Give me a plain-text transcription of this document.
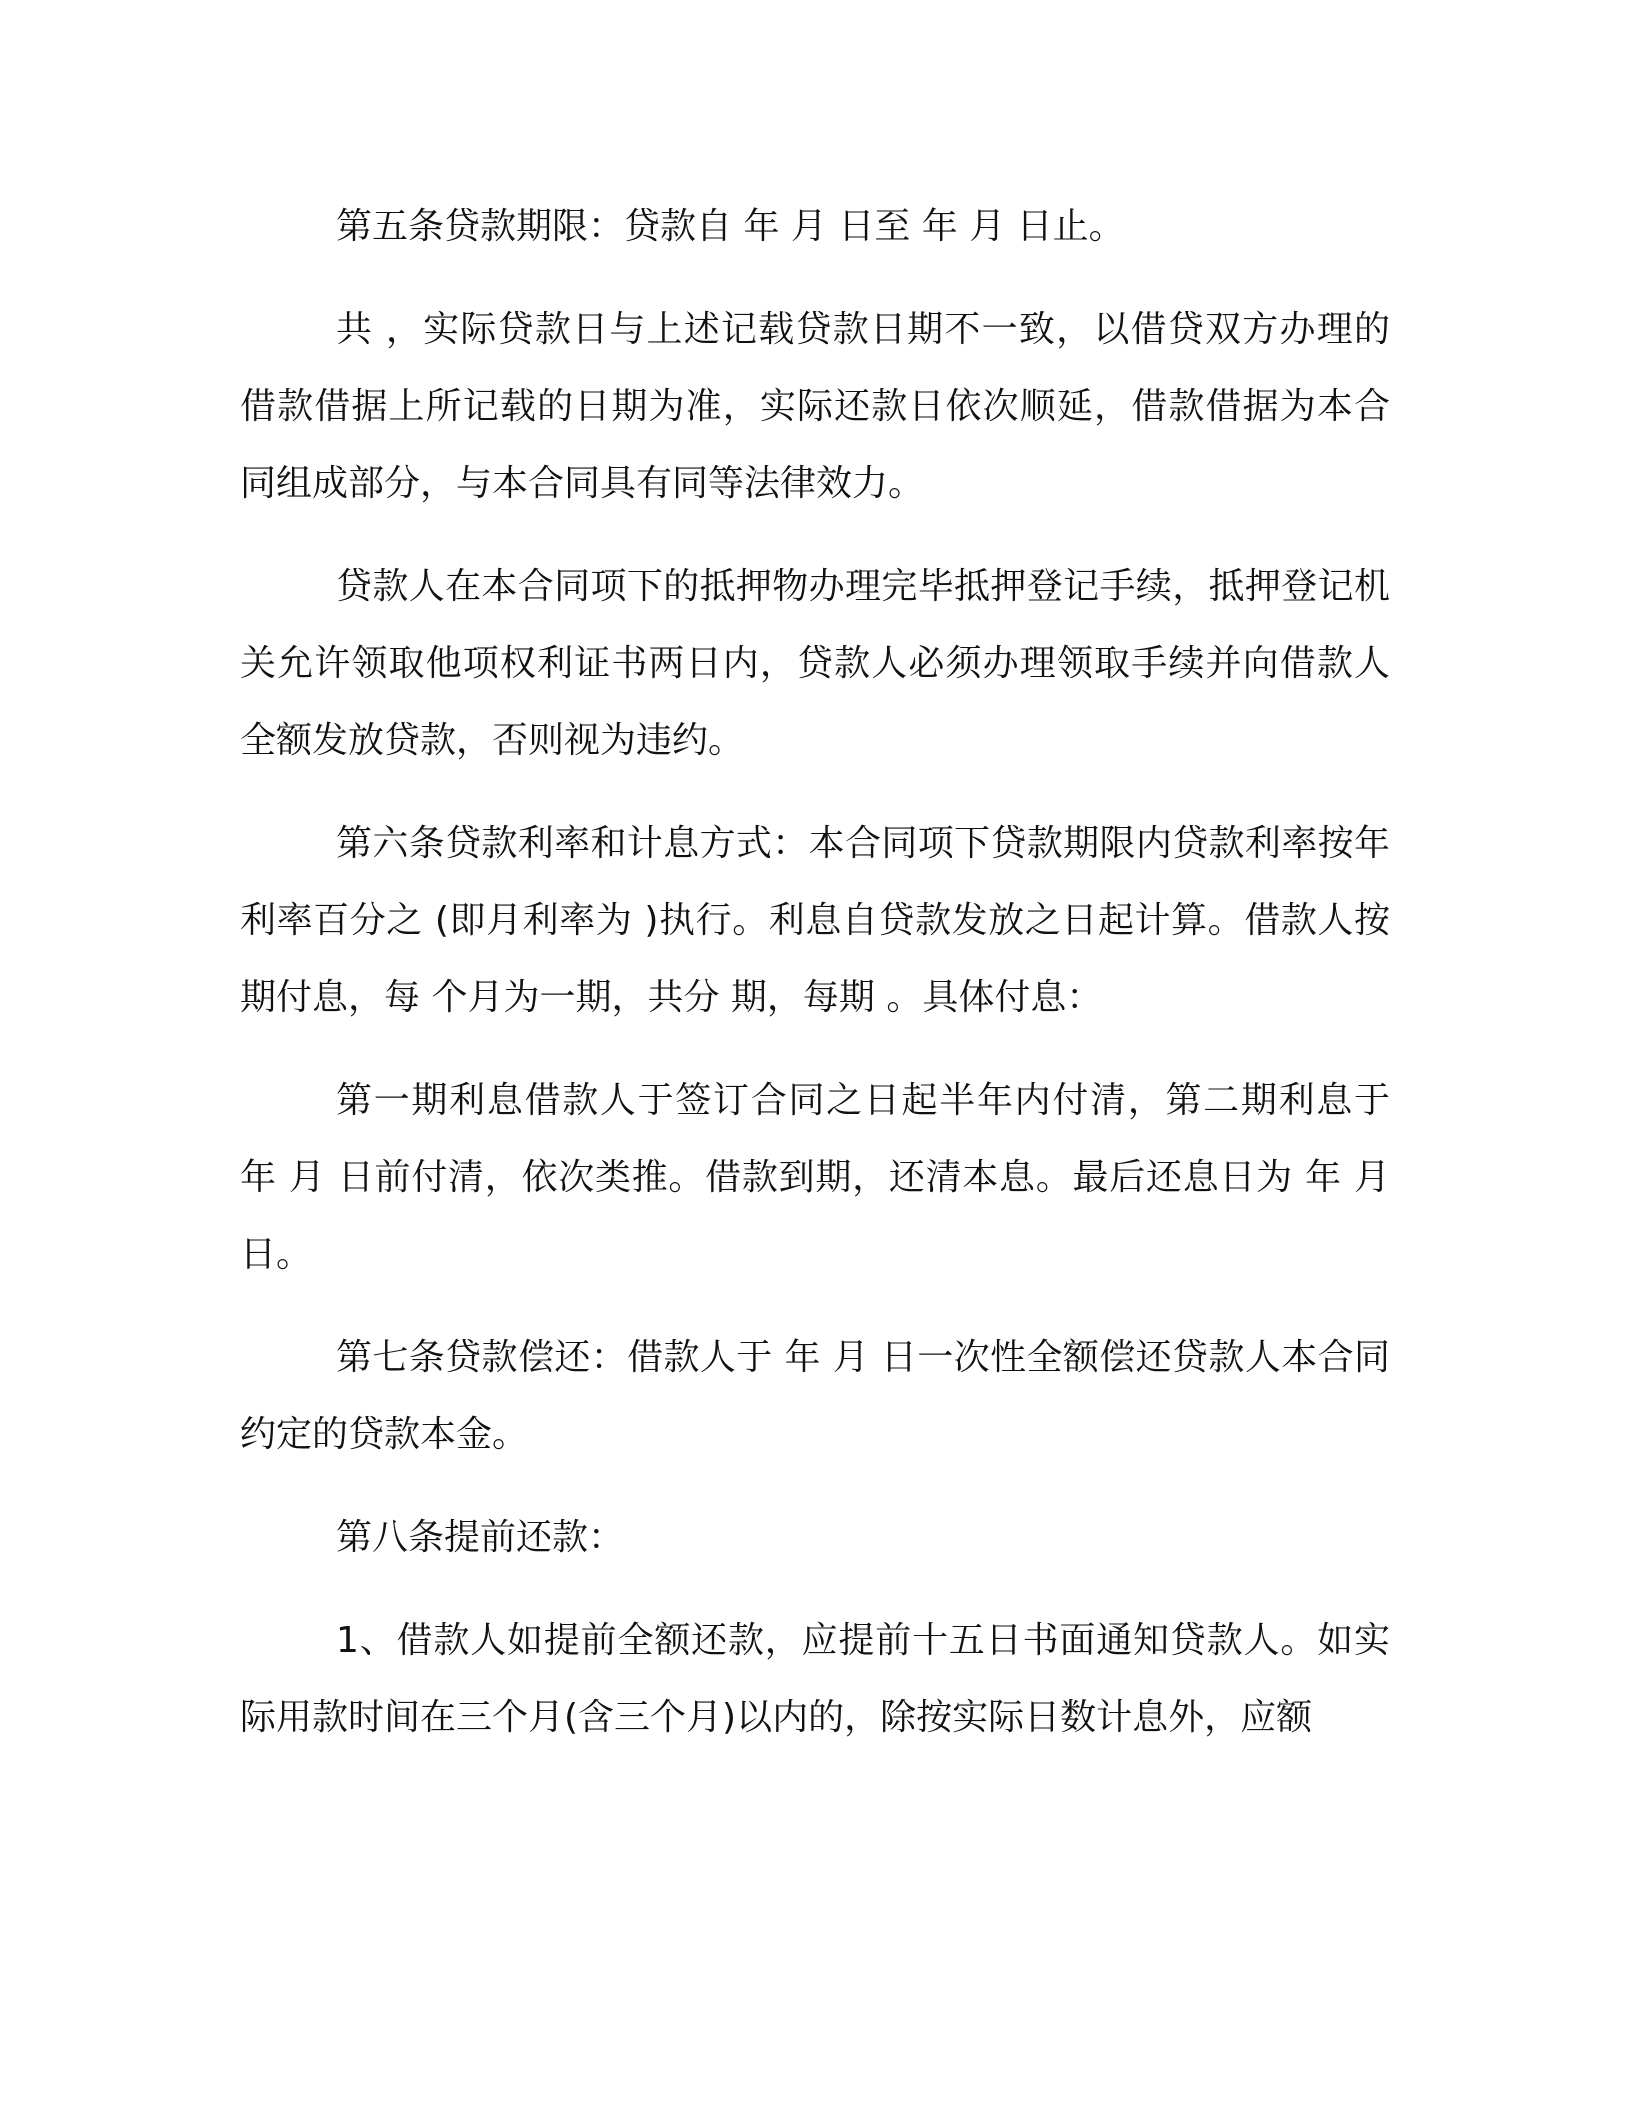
第五条贷款期限：贷款自 年 月 日至 年 月 日止。

共 ，实际贷款日与上述记载贷款日期不一致，以借贷双方办理的借款借据上所记载的日期为准，实际还款日依次顺延，借款借据为本合同组成部分，与本合同具有同等法律效力。

贷款人在本合同项下的抵押物办理完毕抵押登记手续，抵押登记机关允许领取他项权利证书两日内，贷款人必须办理领取手续并向借款人全额发放贷款，否则视为违约。

第六条贷款利率和计息方式：本合同项下贷款期限内贷款利率按年利率百分之 (即月利率为 )执行。利息自贷款发放之日起计算。借款人按期付息，每 个月为一期，共分 期，每期 。具体付息：

第一期利息借款人于签订合同之日起半年内付清，第二期利息于 年 月 日前付清，依次类推。借款到期，还清本息。最后还息日为 年 月 日。

第七条贷款偿还：借款人于 年 月 日一次性全额偿还贷款人本合同约定的贷款本金。

第八条提前还款：

1、借款人如提前全额还款，应提前十五日书面通知贷款人。如实际用款时间在三个月(含三个月)以内的，除按实际日数计息外，应额
